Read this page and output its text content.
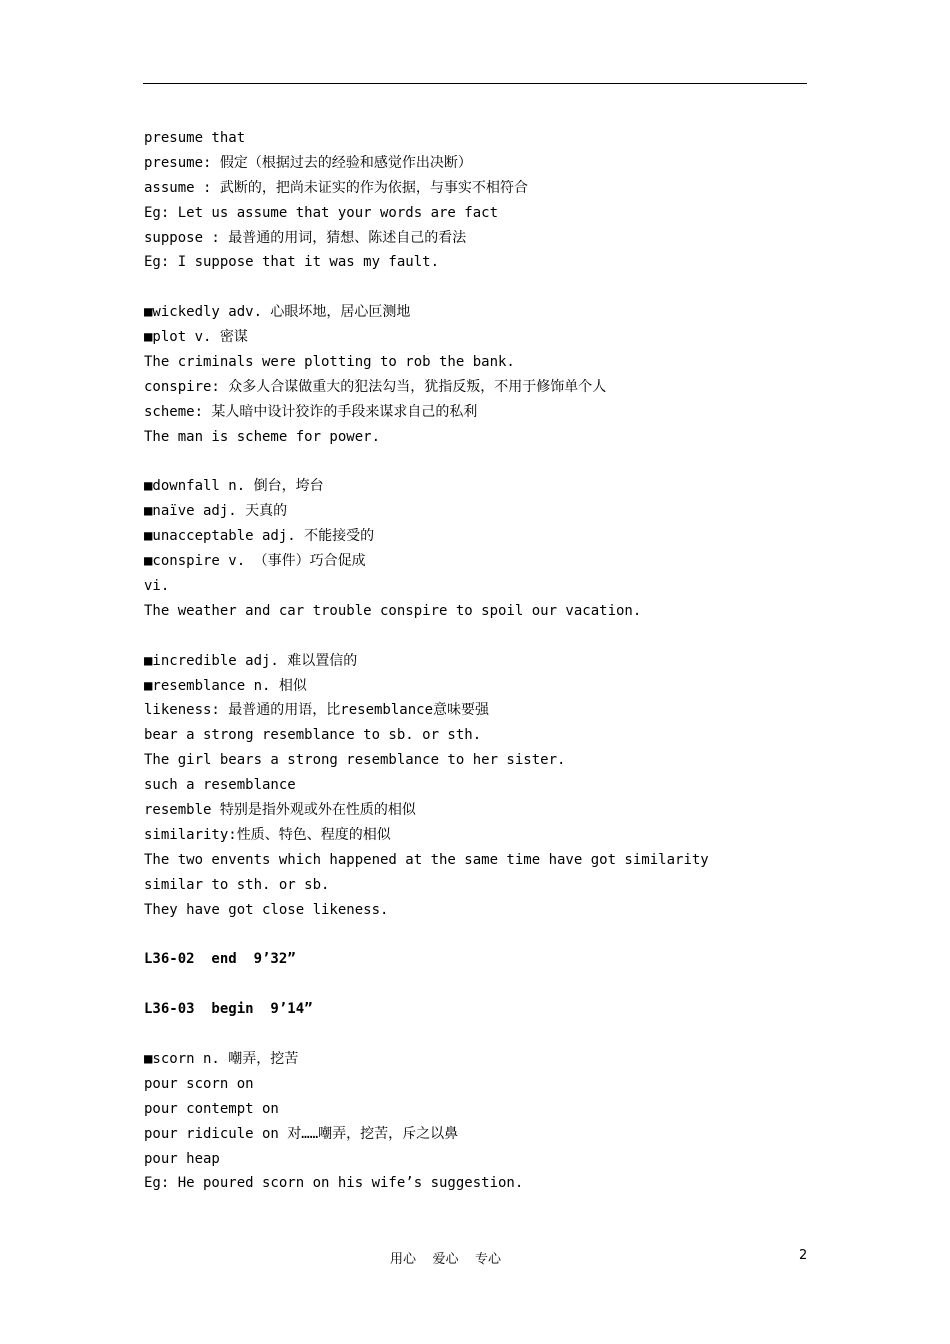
presume that
presume: 假定（根据过去的经验和感觉作出决断）
assume : 武断的，把尚未证实的作为依据，与事实不相符合
Eg: Let us assume that your words are fact
suppose : 最普通的用词，猜想、陈述自己的看法
Eg: I suppose that it was my fault.
■wickedly adv. 心眼坏地，居心叵测地
■plot v. 密谋
The criminals were plotting to rob the bank.
conspire: 众多人合谋做重大的犯法勾当，犹指反叛，不用于修饰单个人
scheme: 某人暗中设计狡诈的手段来谋求自己的私利
The man is scheme for power.
■downfall n. 倒台，垮台
■naïve adj. 天真的
■unacceptable adj. 不能接受的
■conspire v. （事件）巧合促成
vi.
The weather and car trouble conspire to spoil our vacation.
■incredible adj. 难以置信的
■resemblance n. 相似
likeness: 最普通的用语，比resemblance意味要强
bear a strong resemblance to sb. or sth.
The girl bears a strong resemblance to her sister.
such a resemblance
resemble 特别是指外观或外在性质的相似
similarity:性质、特色、程度的相似
The two envents which happened at the same time have got similarity
similar to sth. or sb.
They have got close likeness.
L36-02  end  9’32”
L36-03  begin  9’14”
■scorn n. 嘲弄，挖苦
pour scorn on
pour contempt on
pour ridicule on 对……嘲弄，挖苦，斥之以鼻
pour heap
Eg: He poured scorn on his wife’s suggestion.
用心    爱心    专心	2
